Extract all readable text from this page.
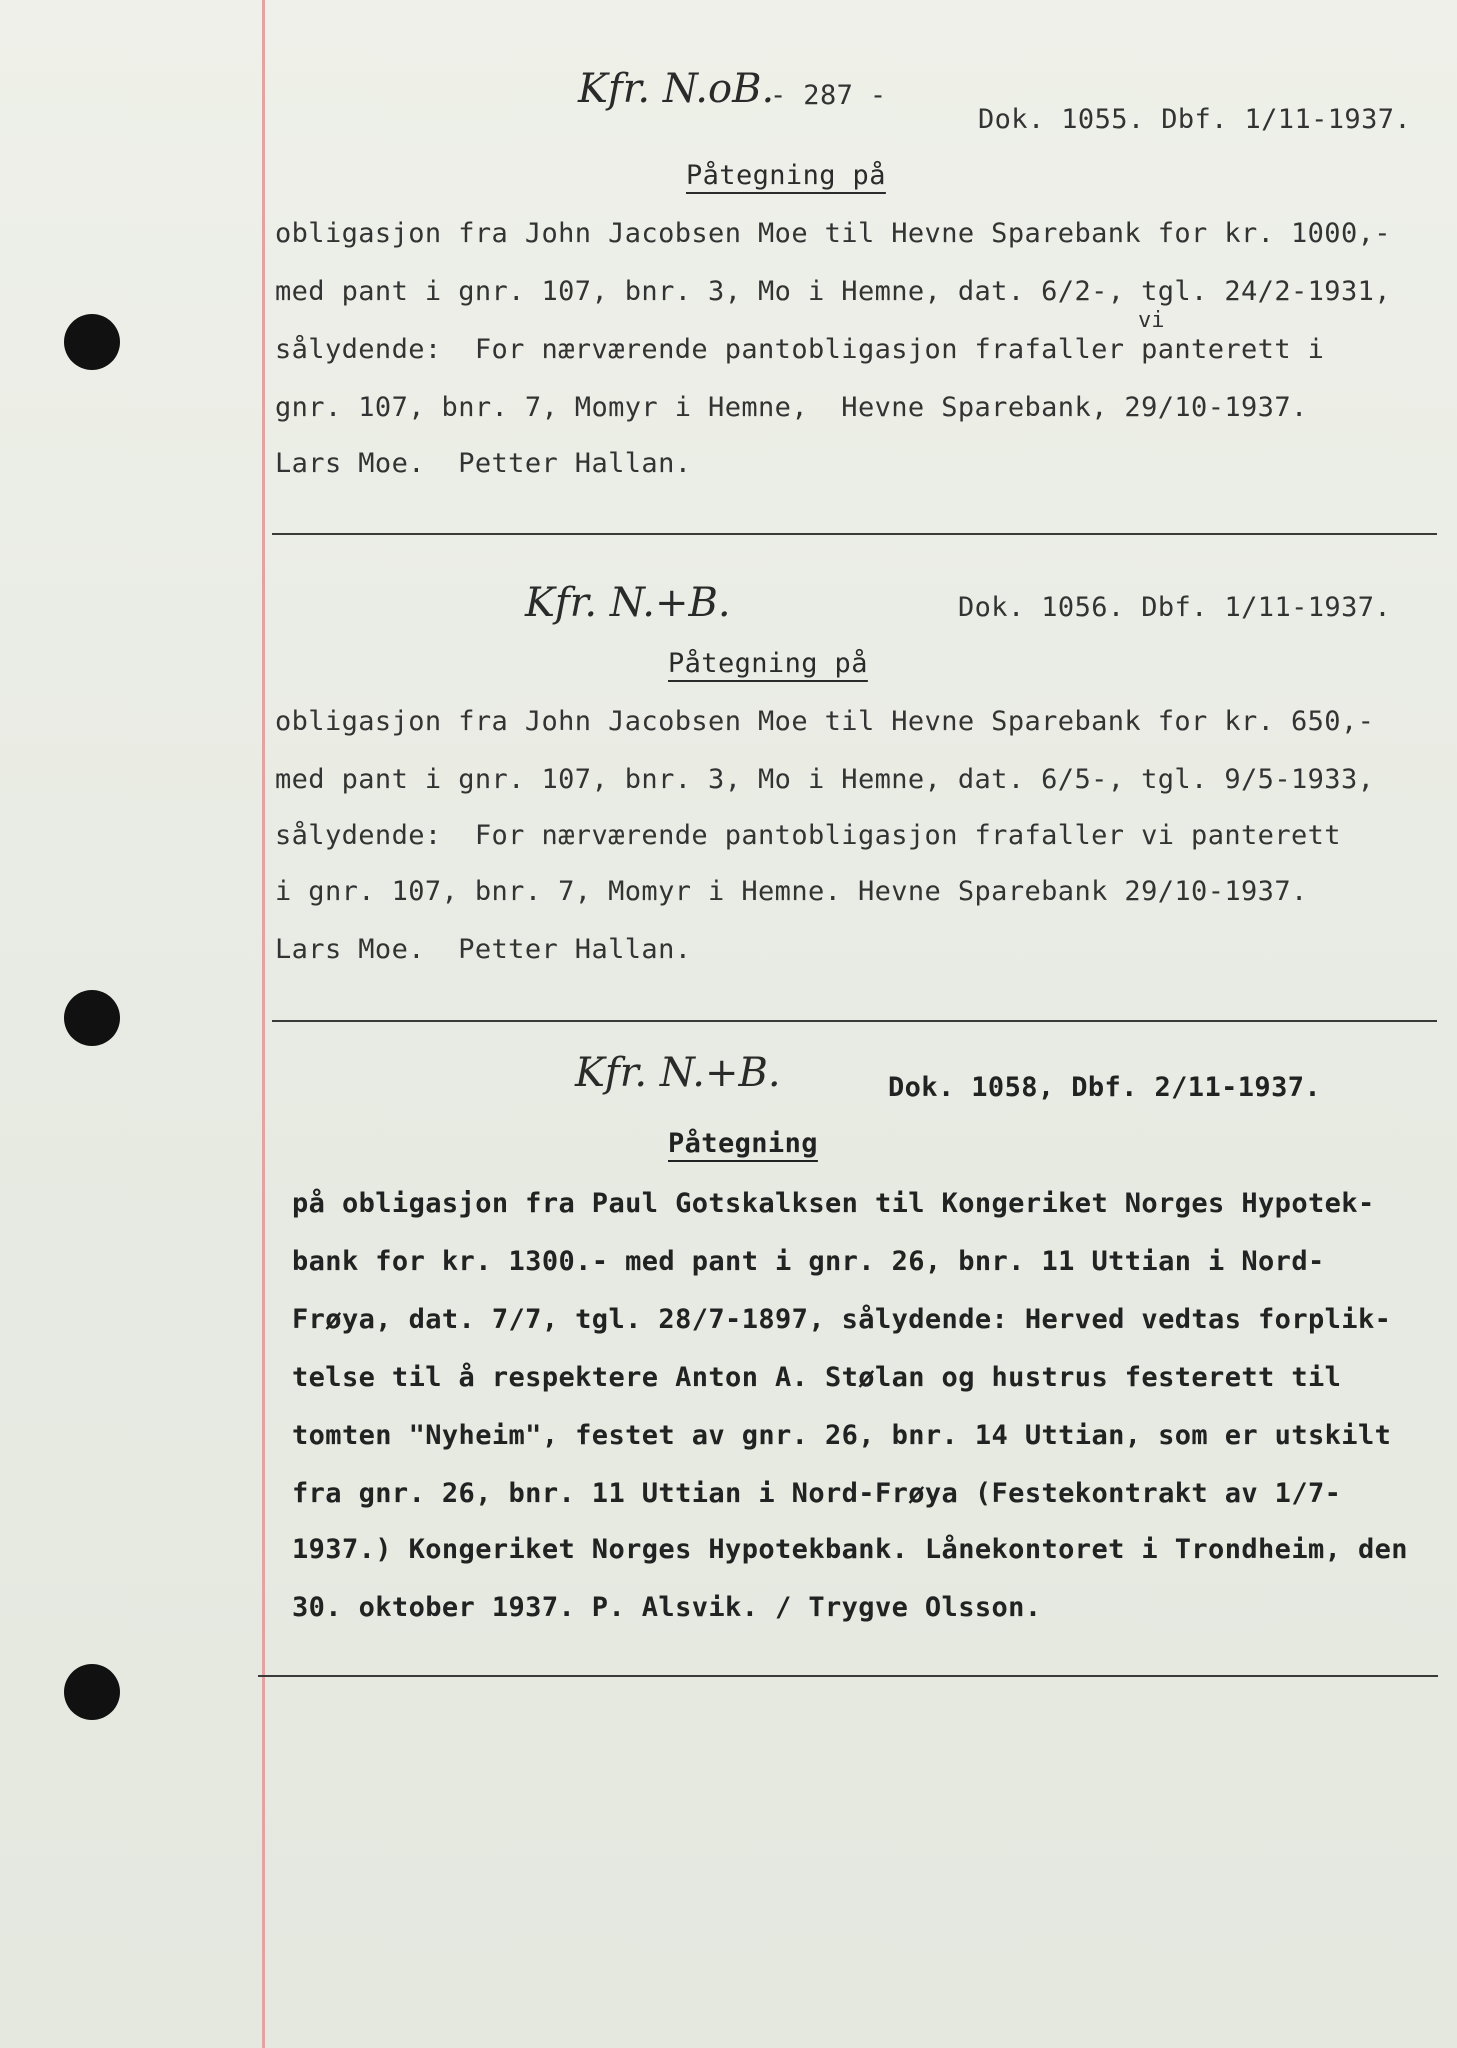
Kfr. N.oB.
- 287 -
Dok. 1055. Dbf. 1/11-1937.
Påtegning på
obligasjon fra John Jacobsen Moe til Hevne Sparebank for kr. 1000,-
med pant i gnr. 107, bnr. 3, Mo i Hemne, dat. 6/2-, tgl. 24/2-1931,
vi
sålydende:  For nærværende pantobligasjon frafaller panterett i
gnr. 107, bnr. 7, Momyr i Hemne,  Hevne Sparebank, 29/10-1937.
Lars Moe.  Petter Hallan.
Kfr. N.+B.	Dok. 1056. Dbf. 1/11-1937.
Påtegning på
obligasjon fra John Jacobsen Moe til Hevne Sparebank for kr. 650,-
med pant i gnr. 107, bnr. 3, Mo i Hemne, dat. 6/5-, tgl. 9/5-1933,
sålydende:  For nærværende pantobligasjon frafaller vi panterett
i gnr. 107, bnr. 7, Momyr i Hemne. Hevne Sparebank 29/10-1937.
Lars Moe.  Petter Hallan.
Kfr. N.+B.	Dok. 1058, Dbf. 2/11-1937.
Påtegning
på obligasjon fra Paul Gotskalksen til Kongeriket Norges Hypotek-
bank for kr. 1300.- med pant i gnr. 26, bnr. 11 Uttian i Nord-
Frøya, dat. 7/7, tgl. 28/7-1897, sålydende: Herved vedtas forplik-
telse til å respektere Anton A. Stølan og hustrus festerett til
tomten "Nyheim", festet av gnr. 26, bnr. 14 Uttian, som er utskilt
fra gnr. 26, bnr. 11 Uttian i Nord-Frøya (Festekontrakt av 1/7-
1937.) Kongeriket Norges Hypotekbank. Lånekontoret i Trondheim, den
30. oktober 1937. P. Alsvik. / Trygve Olsson.
